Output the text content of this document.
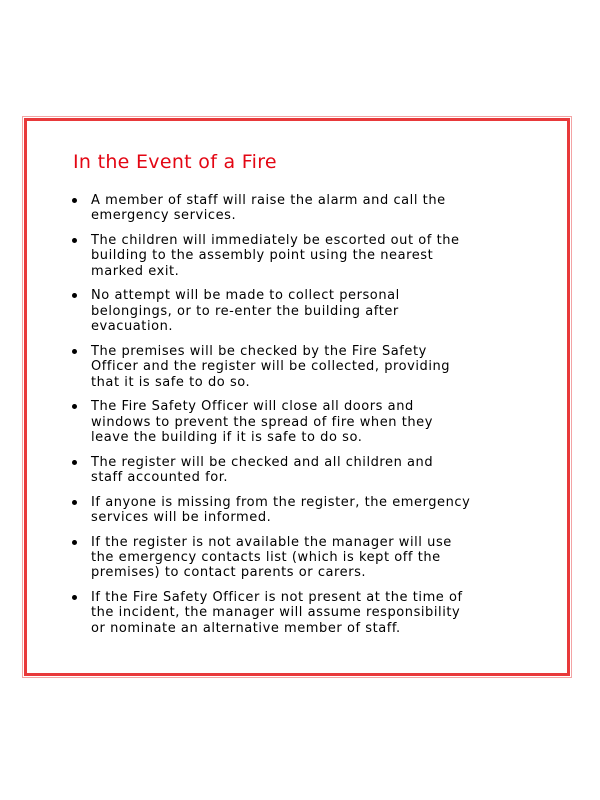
In the Event of a Fire
A member of staff will raise the alarm and call the
emergency services.
The children will immediately be escorted out of the
building to the assembly point using the nearest
marked exit.
No attempt will be made to collect personal
belongings, or to re-enter the building after
evacuation.
The premises will be checked by the Fire Safety
Officer and the register will be collected, providing
that it is safe to do so.
The Fire Safety Officer will close all doors and
windows to prevent the spread of fire when they
leave the building if it is safe to do so.
The register will be checked and all children and
staff accounted for.
If anyone is missing from the register, the emergency
services will be informed.
If the register is not available the manager will use
the emergency contacts list (which is kept off the
premises) to contact parents or carers.
If the Fire Safety Officer is not present at the time of
the incident, the manager will assume responsibility
or nominate an alternative member of staff.
